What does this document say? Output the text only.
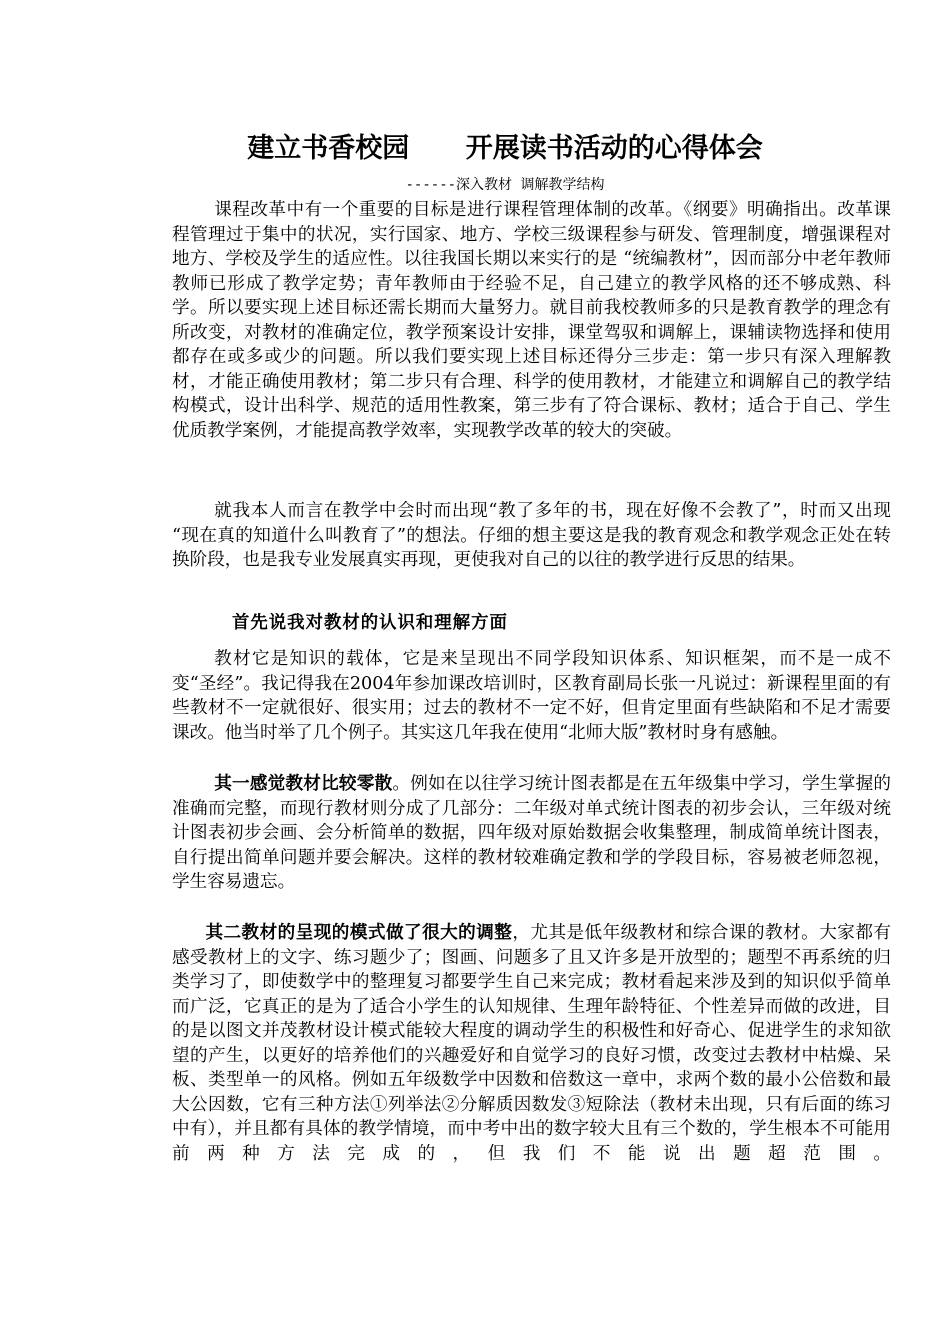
建立书香校园      开展读书活动的心得体会
------深入教材 调解教学结构

课程改革中有一个重要的目标是进行课程管理体制的改革。《纲要》明确指出。改革课程管理过于集中的状况，实行国家、地方、学校三级课程参与研发、管理制度，增强课程对地方、学校及学生的适应性。以往我国长期以来实行的是 “统编教材”，因而部分中老年教师教师已形成了教学定势；青年教师由于经验不足，自己建立的教学风格的还不够成熟、科学。所以要实现上述目标还需长期而大量努力。就目前我校教师多的只是教育教学的理念有所改变，对教材的准确定位，教学预案设计安排，课堂驾驭和调解上，课辅读物选择和使用都存在或多或少的问题。所以我们要实现上述目标还得分三步走：第一步只有深入理解教材，才能正确使用教材；第二步只有合理、科学的使用教材，才能建立和调解自己的教学结构模式，设计出科学、规范的适用性教案，第三步有了符合课标、教材；适合于自己、学生优质教学案例，才能提高教学效率，实现教学改革的较大的突破。

就我本人而言在教学中会时而出现“教了多年的书，现在好像不会教了”，时而又出现 “现在真的知道什么叫教育了”的想法。仔细的想主要这是我的教育观念和教学观念正处在转换阶段，也是我专业发展真实再现，更使我对自己的以往的教学进行反思的结果。

首先说我对教材的认识和理解方面

教材它是知识的载体，它是来呈现出不同学段知识体系、知识框架，而不是一成不变“圣经”。我记得我在2004年参加课改培训时，区教育副局长张一凡说过：新课程里面的有些教材不一定就很好、很实用；过去的教材不一定不好，但肯定里面有些缺陷和不足才需要课改。他当时举了几个例子。其实这几年我在使用“北师大版”教材时身有感触。

其一感觉教材比较零散。例如在以往学习统计图表都是在五年级集中学习，学生掌握的准确而完整，而现行教材则分成了几部分：二年级对单式统计图表的初步会认，三年级对统计图表初步会画、会分析简单的数据，四年级对原始数据会收集整理，制成简单统计图表，自行提出简单问题并要会解决。这样的教材较难确定教和学的学段目标，容易被老师忽视，学生容易遗忘。

其二教材的呈现的模式做了很大的调整，尤其是低年级教材和综合课的教材。大家都有感受教材上的文字、练习题少了；图画、问题多了且又许多是开放型的；题型不再系统的归类学习了，即使数学中的整理复习都要学生自己来完成；教材看起来涉及到的知识似乎简单而广泛，它真正的是为了适合小学生的认知规律、生理年龄特征、个性差异而做的改进，目的是以图文并茂教材设计模式能较大程度的调动学生的积极性和好奇心、促进学生的求知欲望的产生，以更好的培养他们的兴趣爱好和自觉学习的良好习惯，改变过去教材中枯燥、呆板、类型单一的风格。例如五年级数学中因数和倍数这一章中，求两个数的最小公倍数和最大公因数，它有三种方法①列举法②分解质因数发③短除法（教材未出现，只有后面的练习中有），并且都有具体的教学情境，而中考中出的数字较大且有三个数的，学生根本不可能用前两种方法完成的，但我们不能说出题超范围。
